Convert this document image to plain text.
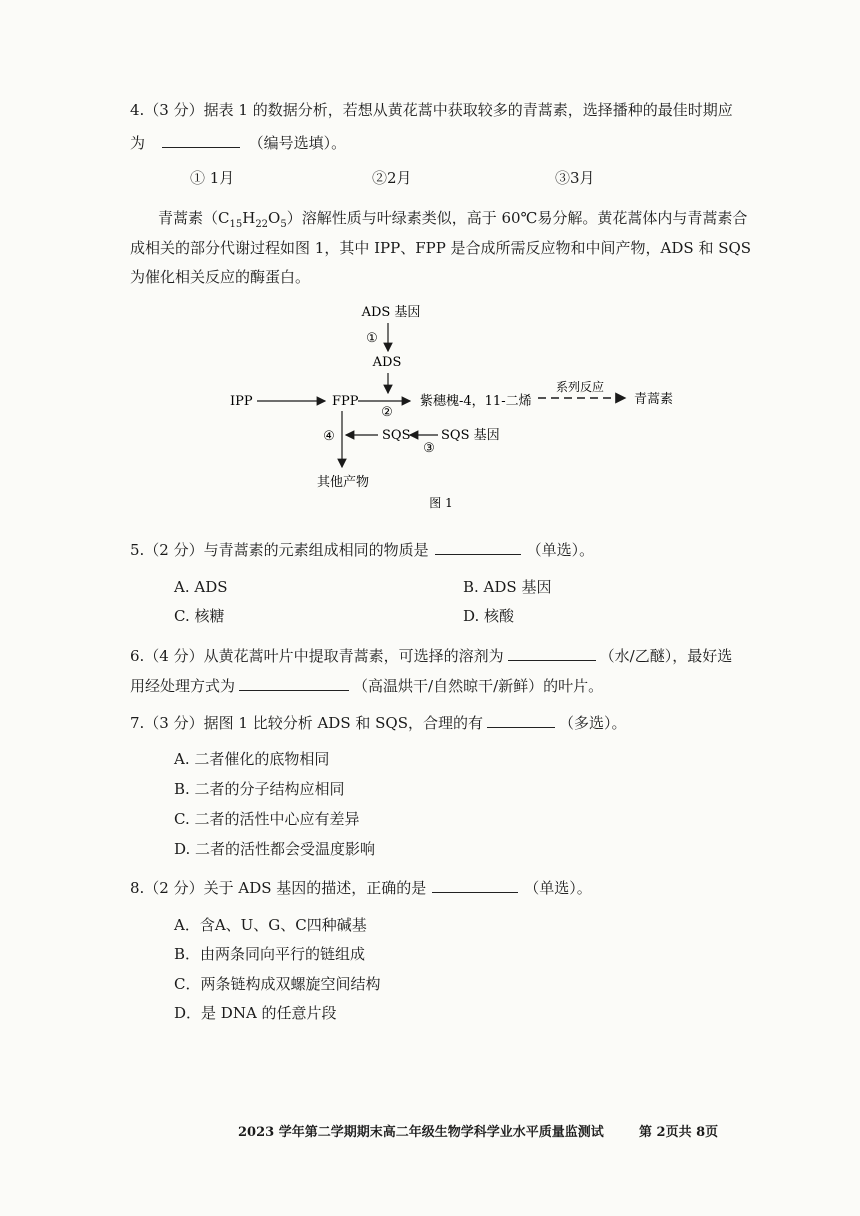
4.（3 分）据表 1 的数据分析，若想从黄花蒿中获取较多的青蒿素，选择播种的最佳时期应
为	（编号选填）。
① 1月	②2月	③3月
青蒿素$(C_{15}H_{22}O_5)$溶解性质与叶绿素类似，高于 60℃易分解。黄花蒿体内与青蒿素合
成相关的部分代谢过程如图 1，其中 IPP、FPP 是合成所需反应物和中间产物，ADS 和 SQS
为催化相关反应的酶蛋白。
ADS 基因
①
ADS
IPP	FPP
②
紫穗槐-4，11-二烯
系列反应
青蒿素
④	SQS SQS 基因
③
其他产物
图 1
5.（2 分）与青蒿素的元素组成相同的物质是	（单选）。
A. ADS	B. ADS 基因
C. 核糖	D. 核酸
6.（4 分）从黄花蒿叶片中提取青蒿素，可选择的溶剂为	（水/乙醚），最好选
用经处理方式为	（高温烘干/自然晾干/新鲜）的叶片。
7.（3 分）据图 1 比较分析 ADS 和 SQS，合理的有	（多选）。
A. 二者催化的底物相同
B. 二者的分子结构应相同
C. 二者的活性中心应有差异
D. 二者的活性都会受温度影响
8.（2 分）关于 ADS 基因的描述，正确的是	（单选）。
A．含A、U、G、C四种碱基
B．由两条同向平行的链组成
C．两条链构成双螺旋空间结构
D．是 DNA 的任意片段
2023 学年第二学期期末高二年级生物学科学业水平质量监测试	第 2页共 8页
